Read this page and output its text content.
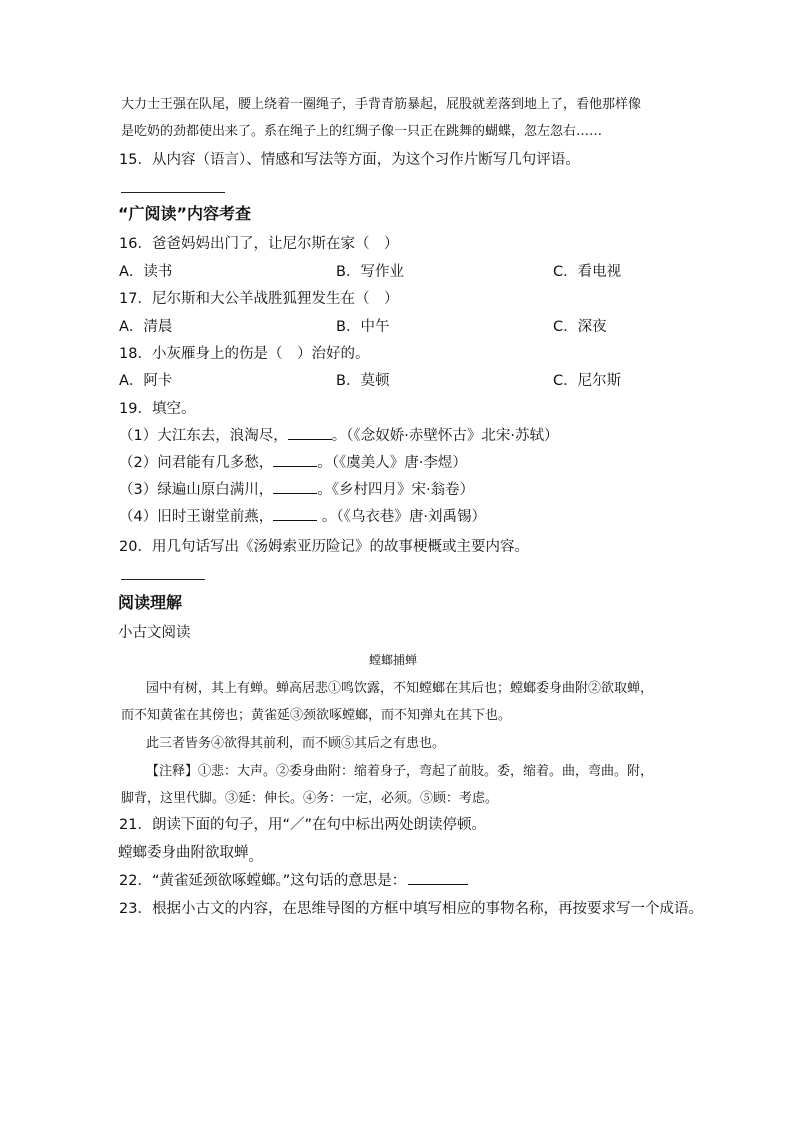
大力士王强在队尾，腰上绕着一圈绳子，手背青筋暴起，屁股就差落到地上了，看他那样像
是吃奶的劲都使出来了。系在绳子上的红绸子像一只正在跳舞的蝴蝶，忽左忽右……
15．从内容（语言）、情感和写法等方面，为这个习作片断写几句评语。
“广阅读”内容考查
16．爸爸妈妈出门了，让尼尔斯在家（　）
A．读书	B．写作业	C．看电视
17．尼尔斯和大公羊战胜狐狸发生在（　）
A．清晨	B．中午	C．深夜
18．小灰雁身上的伤是（　）治好的。
A．阿卡	B．莫顿	C．尼尔斯
19．填空。
（1）大江东去，浪淘尽，	。（《念奴娇·赤壁怀古》北宋·苏轼）
（2）问君能有几多愁，	。（《虞美人》唐·李煜）
（3）绿遍山原白满川，	。《乡村四月》宋·翁卷）
（4）旧时王谢堂前燕，	。（《乌衣巷》唐·刘禹锡）
20．用几句话写出《汤姆索亚历险记》的故事梗概或主要内容。
阅读理解
小古文阅读
螳螂捕蝉
园中有树，其上有蝉。蝉高居悲①鸣饮露，不知螳螂在其后也；螳螂委身曲附②欲取蝉，
而不知黄雀在其傍也；黄雀延③颈欲啄螳螂，而不知弹丸在其下也。
此三者皆务④欲得其前利，而不顾⑤其后之有患也。
【注释】①悲：大声。②委身曲附：缩着身子，弯起了前肢。委，缩着。曲，弯曲。附，
脚背，这里代脚。③延：伸长。④务：一定，必须。⑤顾：考虑。
21．朗读下面的句子，用“／”在句中标出两处朗读停顿。
螳螂委身曲附欲取蝉。
22．“黄雀延颈欲啄螳螂。”这句话的意思是：
23．根据小古文的内容，在思维导图的方框中填写相应的事物名称，再按要求写一个成语。
